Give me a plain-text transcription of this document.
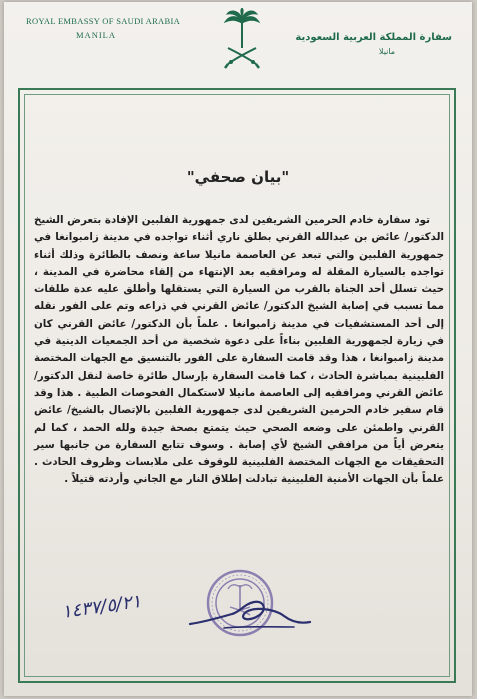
ROYAL EMBASSY OF SAUDI ARABIA
MANILA	سفارة المملكة العربية السعودية
مانيلا
"بيان صحفي"

تود سفارة خادم الحرمين الشريفين لدى جمهورية الفلبين الإفادة بتعرض الشيخ الدكتور/ عائض بن عبدالله القرني بطلق ناري أثناء تواجده في مدينة زامبوانغا في جمهورية الفلبين والتي تبعد عن العاصمة مانيلا ساعة ونصف بالطائرة وذلك أثناء تواجده بالسيارة المقلة له ومرافقيه بعد الإنتهاء من إلقاء محاضرة في المدينة ، حيث تسلل أحد الجناة بالقرب من السيارة التي يستقلها وأطلق عليه عدة طلقات مما تسبب في إصابة الشيخ الدكتور/ عائض القرني في ذراعه وتم على الفور نقله إلى أحد المستشفيات في مدينة زامبوانغا . علماً بأن الدكتور/ عائض القرني كان في زيارة لجمهورية الفلبين بناءاً على دعوة شخصية من أحد الجمعيات الدينية في مدينة زامبوانغا ، هذا وقد قامت السفارة على الفور بالتنسيق مع الجهات المختصة الفلبينية بمباشرة الحادث ، كما قامت السفارة بإرسال طائرة خاصة لنقل الدكتور/ عائض القرني ومرافقيه إلى العاصمة مانيلا لاستكمال الفحوصات الطبية . هذا وقد قام سفير خادم الحرمين الشريفين لدى جمهورية الفلبين بالإتصال بالشيخ/ عائض القرني واطمئن على وضعه الصحي حيث يتمتع بصحة جيدة ولله الحمد ، كما لم يتعرض أياً من مرافقي الشيخ لأي إصابة . وسوف تتابع السفارة من جانبها سير التحقيقات مع الجهات المختصة الفلبينية للوقوف على ملابسات وظروف الحادث . علماً بأن الجهات الأمنية الفلبينية تبادلت إطلاق النار مع الجاني وأردته قتيلاً .

١٤٣٧/٥/٢١
